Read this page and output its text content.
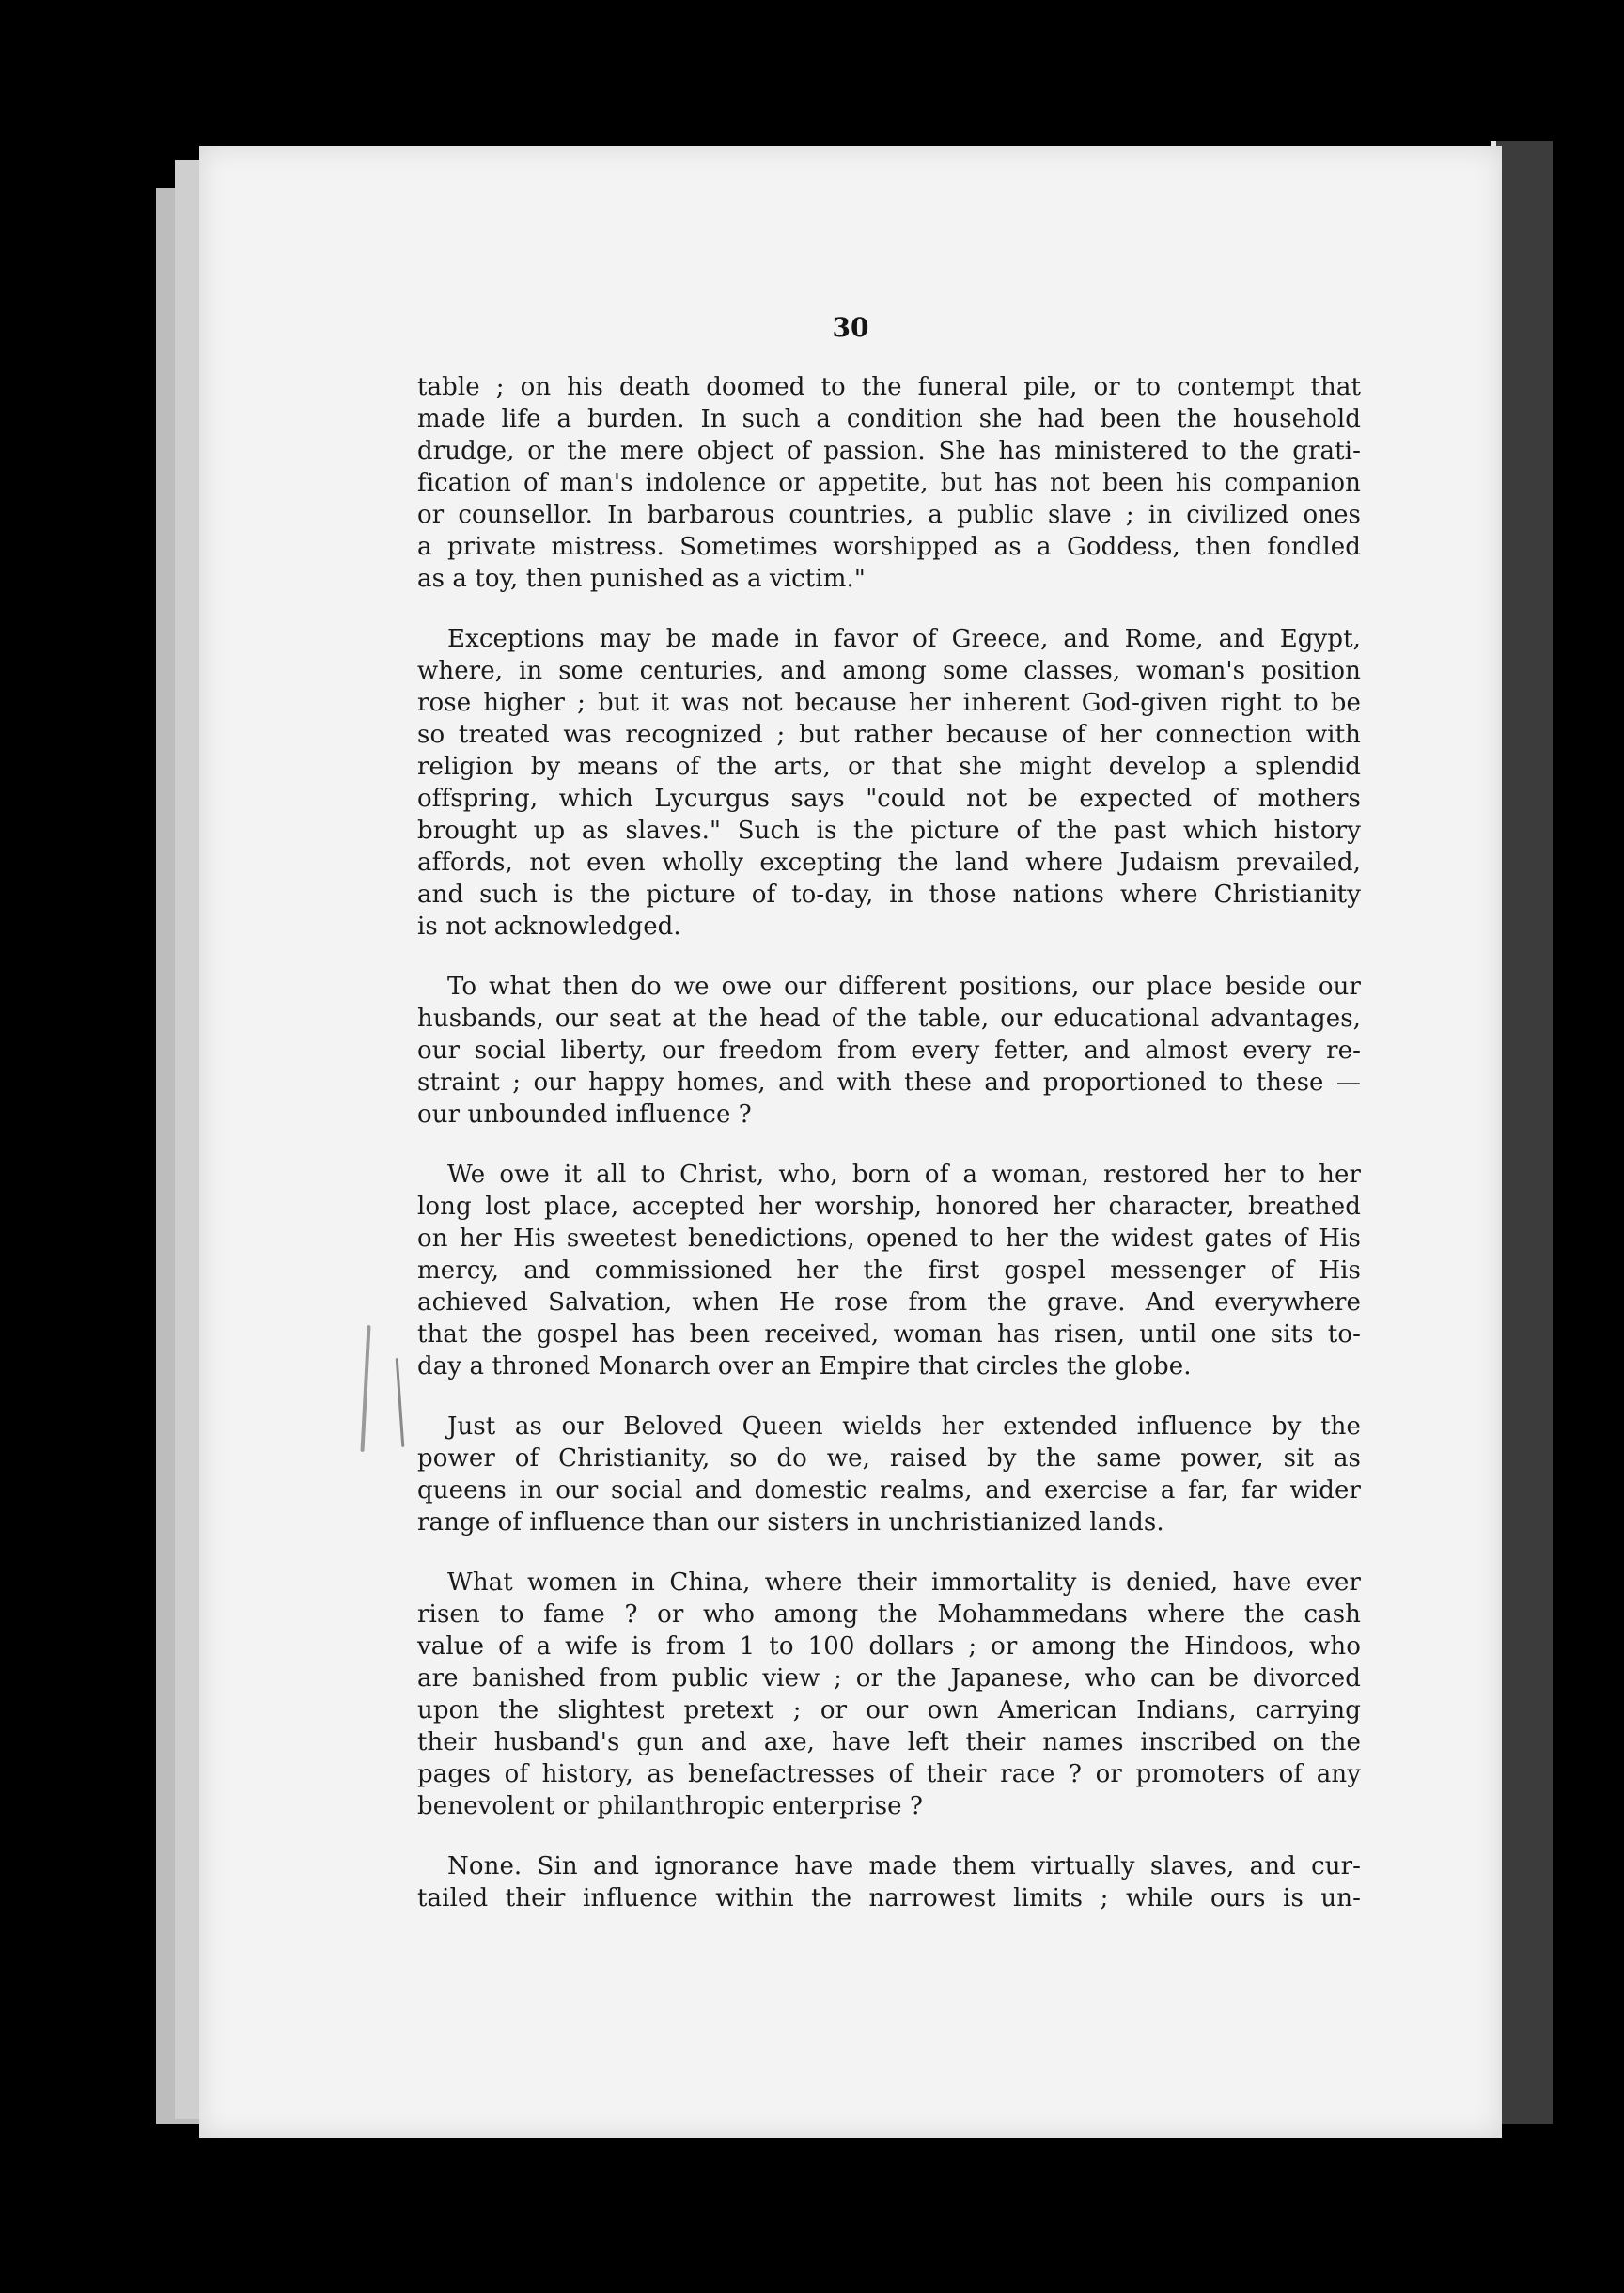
30
table ; on his death doomed to the funeral pile, or to contempt that
made life a burden. In such a condition she had been the household
drudge, or the mere object of passion. She has ministered to the grati-
fication of man's indolence or appetite, but has not been his companion
or counsellor. In barbarous countries, a public slave ; in civilized ones
a private mistress. Sometimes worshipped as a Goddess, then fondled
as a toy, then punished as a victim."
Exceptions may be made in favor of Greece, and Rome, and Egypt,
where, in some centuries, and among some classes, woman's position
rose higher ; but it was not because her inherent God-given right to be
so treated was recognized ; but rather because of her connection with
religion by means of the arts, or that she might develop a splendid
offspring, which Lycurgus says "could not be expected of mothers
brought up as slaves." Such is the picture of the past which history
affords, not even wholly excepting the land where Judaism prevailed,
and such is the picture of to-day, in those nations where Christianity
is not acknowledged.
To what then do we owe our different positions, our place beside our
husbands, our seat at the head of the table, our educational advantages,
our social liberty, our freedom from every fetter, and almost every re-
straint ; our happy homes, and with these and proportioned to these —
our unbounded influence ?
We owe it all to Christ, who, born of a woman, restored her to her
long lost place, accepted her worship, honored her character, breathed
on her His sweetest benedictions, opened to her the widest gates of His
mercy, and commissioned her the first gospel messenger of His
achieved Salvation, when He rose from the grave. And everywhere
that the gospel has been received, woman has risen, until one sits to-
day a throned Monarch over an Empire that circles the globe.
Just as our Beloved Queen wields her extended influence by the
power of Christianity, so do we, raised by the same power, sit as
queens in our social and domestic realms, and exercise a far, far wider
range of influence than our sisters in unchristianized lands.
What women in China, where their immortality is denied, have ever
risen to fame ? or who among the Mohammedans where the cash
value of a wife is from 1 to 100 dollars ; or among the Hindoos, who
are banished from public view ; or the Japanese, who can be divorced
upon the slightest pretext ; or our own American Indians, carrying
their husband's gun and axe, have left their names inscribed on the
pages of history, as benefactresses of their race ? or promoters of any
benevolent or philanthropic enterprise ?
None. Sin and ignorance have made them virtually slaves, and cur-
tailed their influence within the narrowest limits ; while ours is un-
